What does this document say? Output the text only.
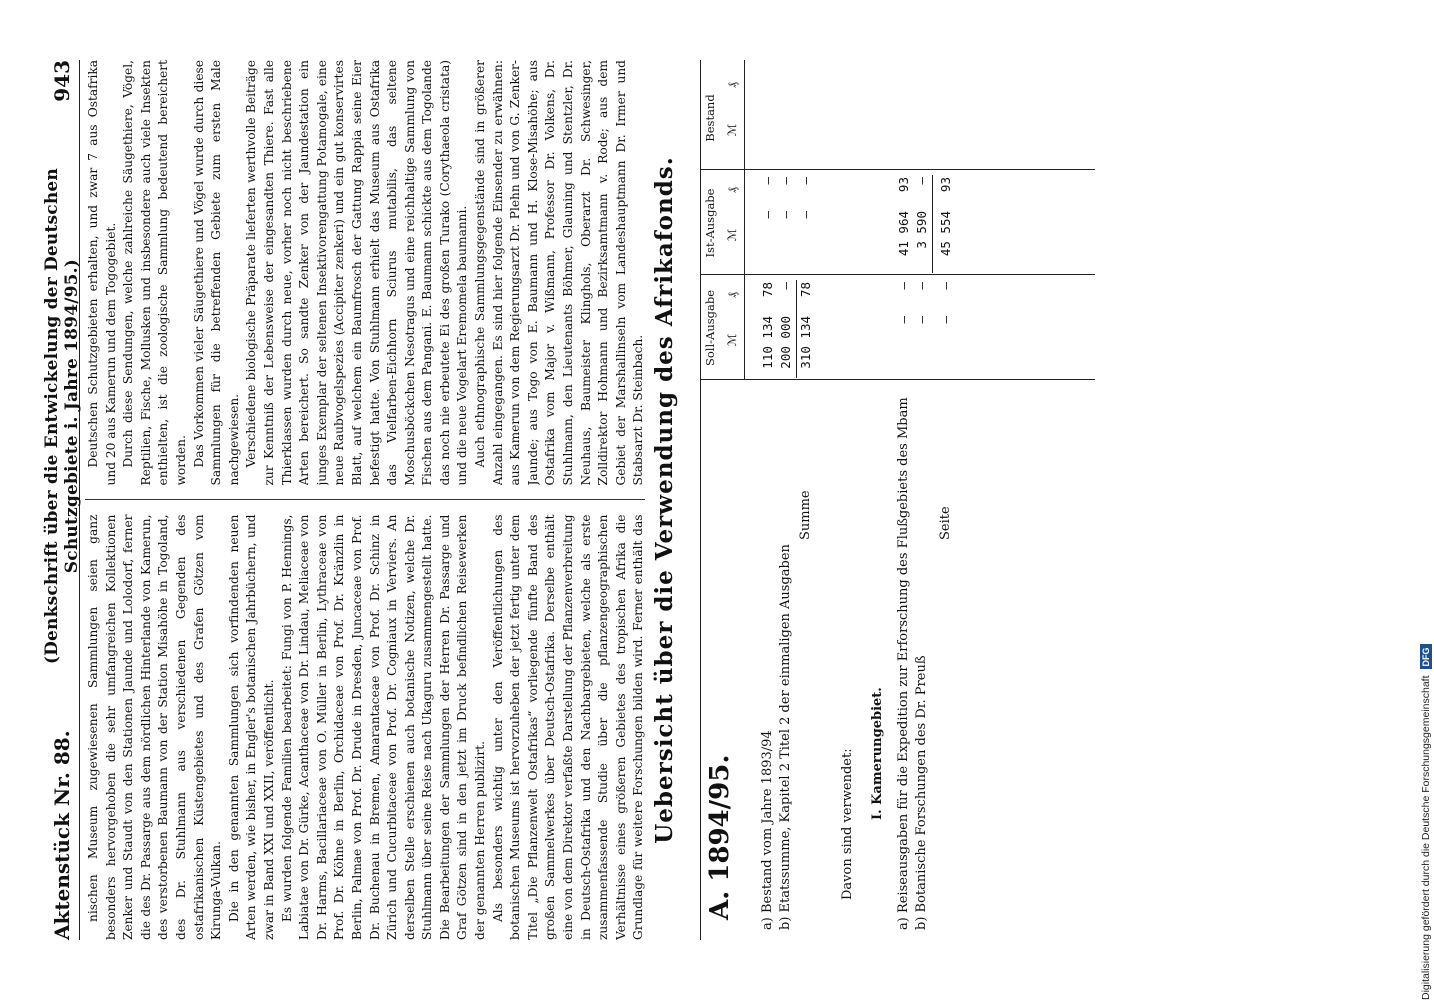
Aktenstück Nr. 88.
(Denkschrift über die Entwickelung der Deutschen Schutzgebiete i. Jahre 1894/95.)
943

nischen Museum zugewiesenen Sammlungen seien ganz besonders hervorgehoben die sehr umfangreichen Kollektionen Zenker und Staudt von den Stationen Jaunde und Lolodorf, ferner die des Dr. Passarge aus dem nördlichen Hinterlande von Kamerun, des verstorbenen Baumann von der Station Misahöhe in Togoland, des Dr. Stuhlmann aus verschiedenen Gegenden des ostafrikanischen Küstengebietes und des Grafen Götzen vom Kirunga-Vulkan. Die in den genannten Sammlungen sich vorfindenden neuen Arten werden, wie bisher, in Engler's botanischen Jahrbüchern, und zwar in Band XXI und XXII, veröffentlicht. Es wurden folgende Familien bearbeitet: Fungi von P. Hennings, Labiatae von Dr. Gürke, Acanthaceae von Dr. Lindau, Meliaceae von Dr. Harms, Bacillariaceae von O. Müller in Berlin, Lythraceae von Prof. Dr. Köhne in Berlin, Orchidaceae von Prof. Dr. Kränzlin in Berlin, Palmae von Prof. Dr. Drude in Dresden, Juncaceae von Prof. Dr. Buchenau in Bremen, Amarantaceae von Prof. Dr. Schinz in Zürich und Cucurbitaceae von Prof. Dr. Cogniaux in Verviers. An derselben Stelle erschienen auch botanische Notizen, welche Dr. Stuhlmann über seine Reise nach Ukaguru zusammengestellt hatte. Die Bearbeitungen der Sammlungen der Herren Dr. Passarge und Graf Götzen sind in den jetzt im Druck befindlichen Reisewerken der genannten Herren publizirt. Als besonders wichtig unter den Veröffentlichungen des botanischen Museums ist hervorzuheben der jetzt fertig unter dem Titel „Die Pflanzenwelt Ostafrikas“ vorliegende fünfte Band des großen Sammelwerkes über Deutsch-Ostafrika. Derselbe enthält eine von dem Direktor verfaßte Darstellung der Pflanzenverbreitung in Deutsch-Ostafrika und den Nachbargebieten, welche als erste zusammenfassende Studie über die pflanzengeographischen Verhältnisse eines größeren Gebietes des tropischen Afrika die Grundlage für weitere Forschungen bilden wird. Ferner enthält das

Deutschen Schutzgebieten erhalten, und zwar 7 aus Ostafrika und 20 aus Kamerun und dem Togogebiet. Durch diese Sendungen, welche zahlreiche Säugethiere, Vögel, Reptilien, Fische, Mollusken und insbesondere auch viele Insekten enthielten, ist die zoologische Sammlung bedeutend bereichert worden. Das Vorkommen vieler Säugethiere und Vögel wurde durch diese Sammlungen für die betreffenden Gebiete zum ersten Male nachgewiesen. Verschiedene biologische Präparate lieferten werthvolle Beiträge zur Kenntniß der Lebensweise der eingesandten Thiere. Fast alle Thierklassen wurden durch neue, vorher noch nicht beschriebene Arten bereichert. So sandte Zenker von der Jaundestation ein junges Exemplar der seltenen Insektivorengattung Potamogale, eine neue Raubvogelspezies (Accipiter zenkeri) und ein gut konservirtes Blatt, auf welchem ein Baumfrosch der Gattung Rappia seine Eier befestigt hatte. Von Stuhlmann erhielt das Museum aus Ostafrika das Vielfarben-Eichhorn Sciurus mutabilis, das seltene Moschusböckchen Nesotragus und eine reichhaltige Sammlung von Fischen aus dem Pangani. E. Baumann schickte aus dem Togolande das noch nie erbeutete Ei des großen Turako (Corythaeola cristata) und die neue Vogelart Eremomela baumanni. Auch ethnographische Sammlungsgegenstände sind in größerer Anzahl eingegangen. Es sind hier folgende Einsender zu erwähnen: aus Kamerun von dem Regierungsarzt Dr. Plehn und von G. Zenker-Jaunde; aus Togo von E. Baumann und H. Klose-Misahöhe; aus Ostafrika vom Major v. Wißmann, Professor Dr. Volkens, Dr. Stuhlmann, den Lieutenants Böhmer, Glauning und Stentzler, Dr. Neuhaus, Baumeister Klinghols, Oberarzt Dr. Schwesinger, Zolldirektor Hohmann und Bezirksamtmann v. Rode; aus dem Gebiet der Marshallinseln vom Landeshauptmann Dr. Irmer und Stabsarzt Dr. Steinbach. Uebersicht über die Verwendung des Afrikafonds. A. 1894/95.
Soll-Ausgabe
Ist-Ausgabe
Bestand
ℳ
₰
ℳ
₰
ℳ
₰
a) Bestand vom Jahre 1893/94
110 134
78
—
—
b) Etatssumme, Kapitel 2 Titel 2 der einmaligen Ausgaben
200 000
—
—
—
Summe
310 134
78
—
—
Davon sind verwendet: I. Kamerungebiet. a) Reiseausgaben für die Expedition zur Erforschung des Flußgebiets des Mbam
—
—
41 964
93
b) Botanische Forschungen des Dr. Preuß
—
—
3 590
—
Seite
—
—
45 554
93
Digitalisierung gefördert durch die Deutsche Forschungsgemeinschaft
DFG
